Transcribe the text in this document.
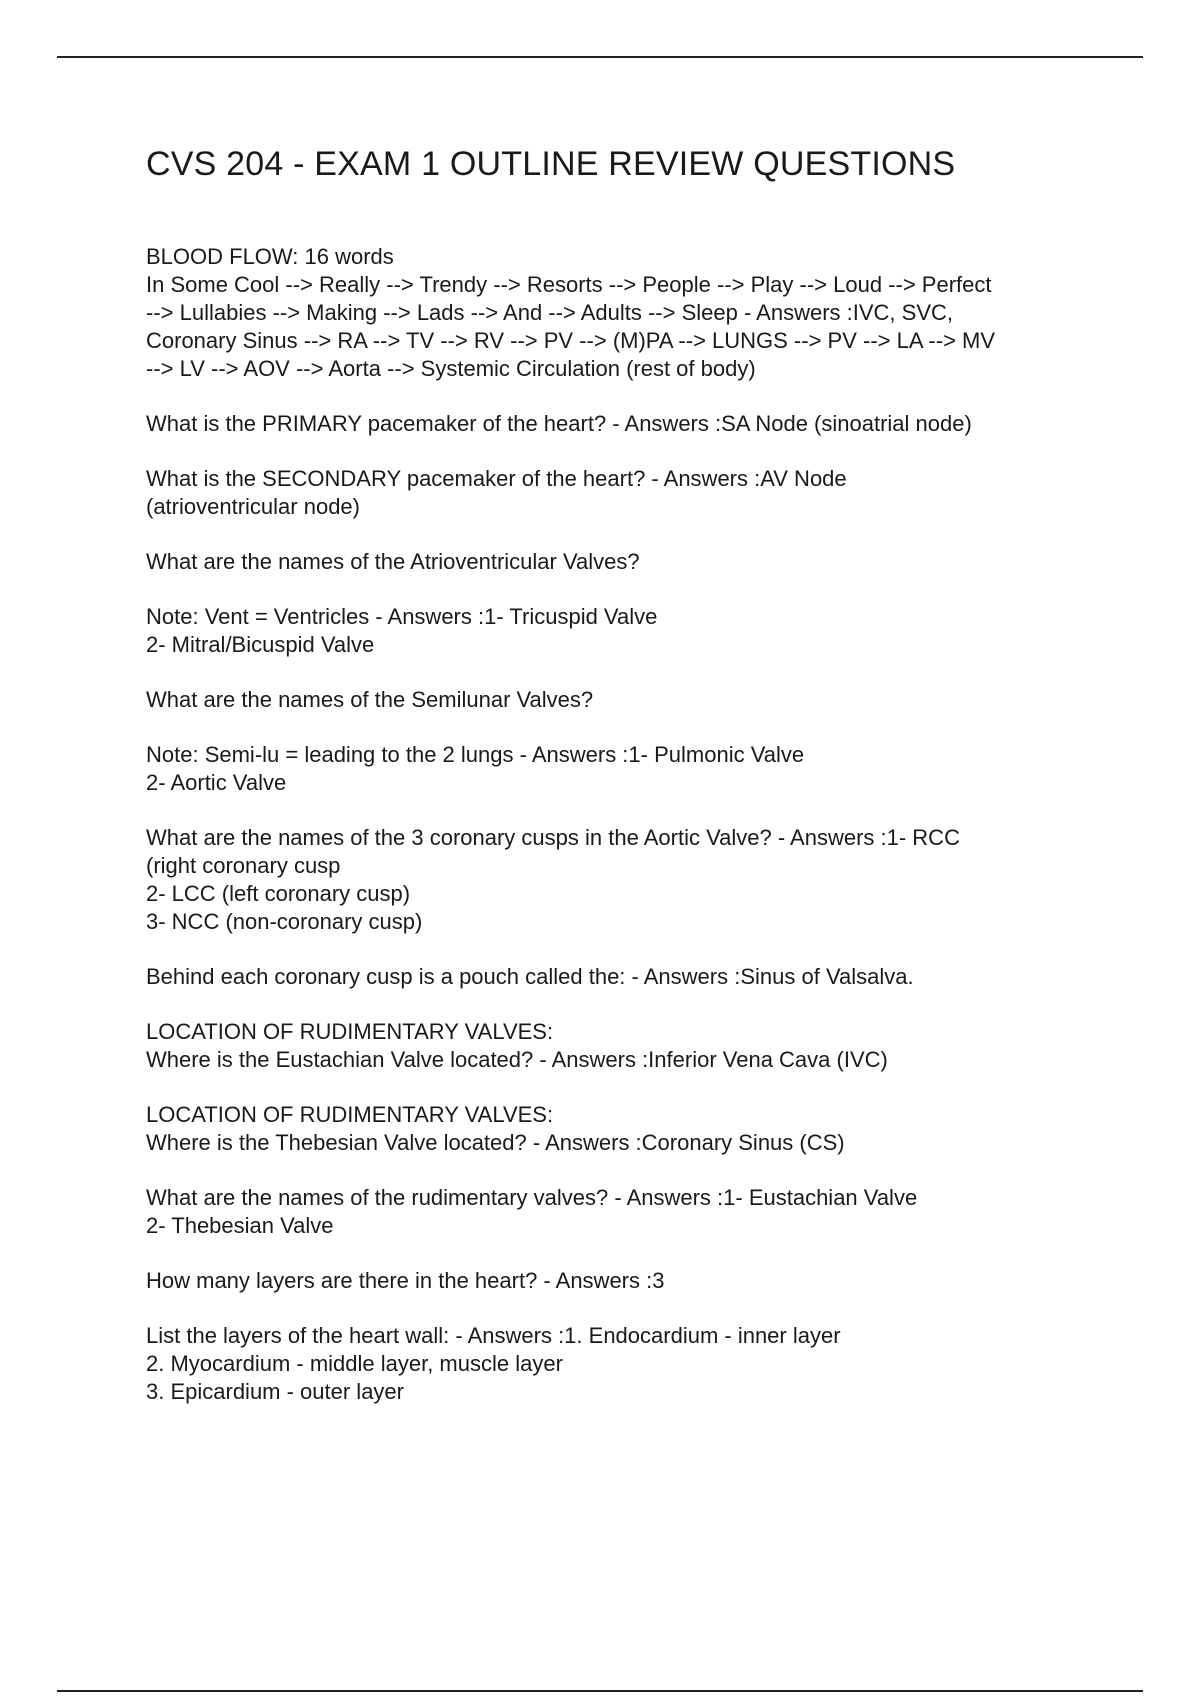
CVS 204 - EXAM 1 OUTLINE REVIEW QUESTIONS
BLOOD FLOW: 16 words
In Some Cool --> Really --> Trendy --> Resorts --> People --> Play --> Loud --> Perfect
--> Lullabies --> Making --> Lads --> And --> Adults --> Sleep - Answers :IVC, SVC,
Coronary Sinus --> RA --> TV --> RV --> PV --> (M)PA --> LUNGS --> PV --> LA --> MV
--> LV --> AOV --> Aorta --> Systemic Circulation (rest of body)
What is the PRIMARY pacemaker of the heart? - Answers :SA Node (sinoatrial node)
What is the SECONDARY pacemaker of the heart? - Answers :AV Node
(atrioventricular node)
What are the names of the Atrioventricular Valves?
Note: Vent = Ventricles - Answers :1- Tricuspid Valve
2- Mitral/Bicuspid Valve
What are the names of the Semilunar Valves?
Note: Semi-lu = leading to the 2 lungs - Answers :1- Pulmonic Valve
2- Aortic Valve
What are the names of the 3 coronary cusps in the Aortic Valve? - Answers :1- RCC
(right coronary cusp
2- LCC (left coronary cusp)
3- NCC (non-coronary cusp)
Behind each coronary cusp is a pouch called the: - Answers :Sinus of Valsalva.
LOCATION OF RUDIMENTARY VALVES:
Where is the Eustachian Valve located? - Answers :Inferior Vena Cava (IVC)
LOCATION OF RUDIMENTARY VALVES:
Where is the Thebesian Valve located? - Answers :Coronary Sinus (CS)
What are the names of the rudimentary valves? - Answers :1- Eustachian Valve
2- Thebesian Valve
How many layers are there in the heart? - Answers :3
List the layers of the heart wall: - Answers :1. Endocardium - inner layer
2. Myocardium - middle layer, muscle layer
3. Epicardium - outer layer
